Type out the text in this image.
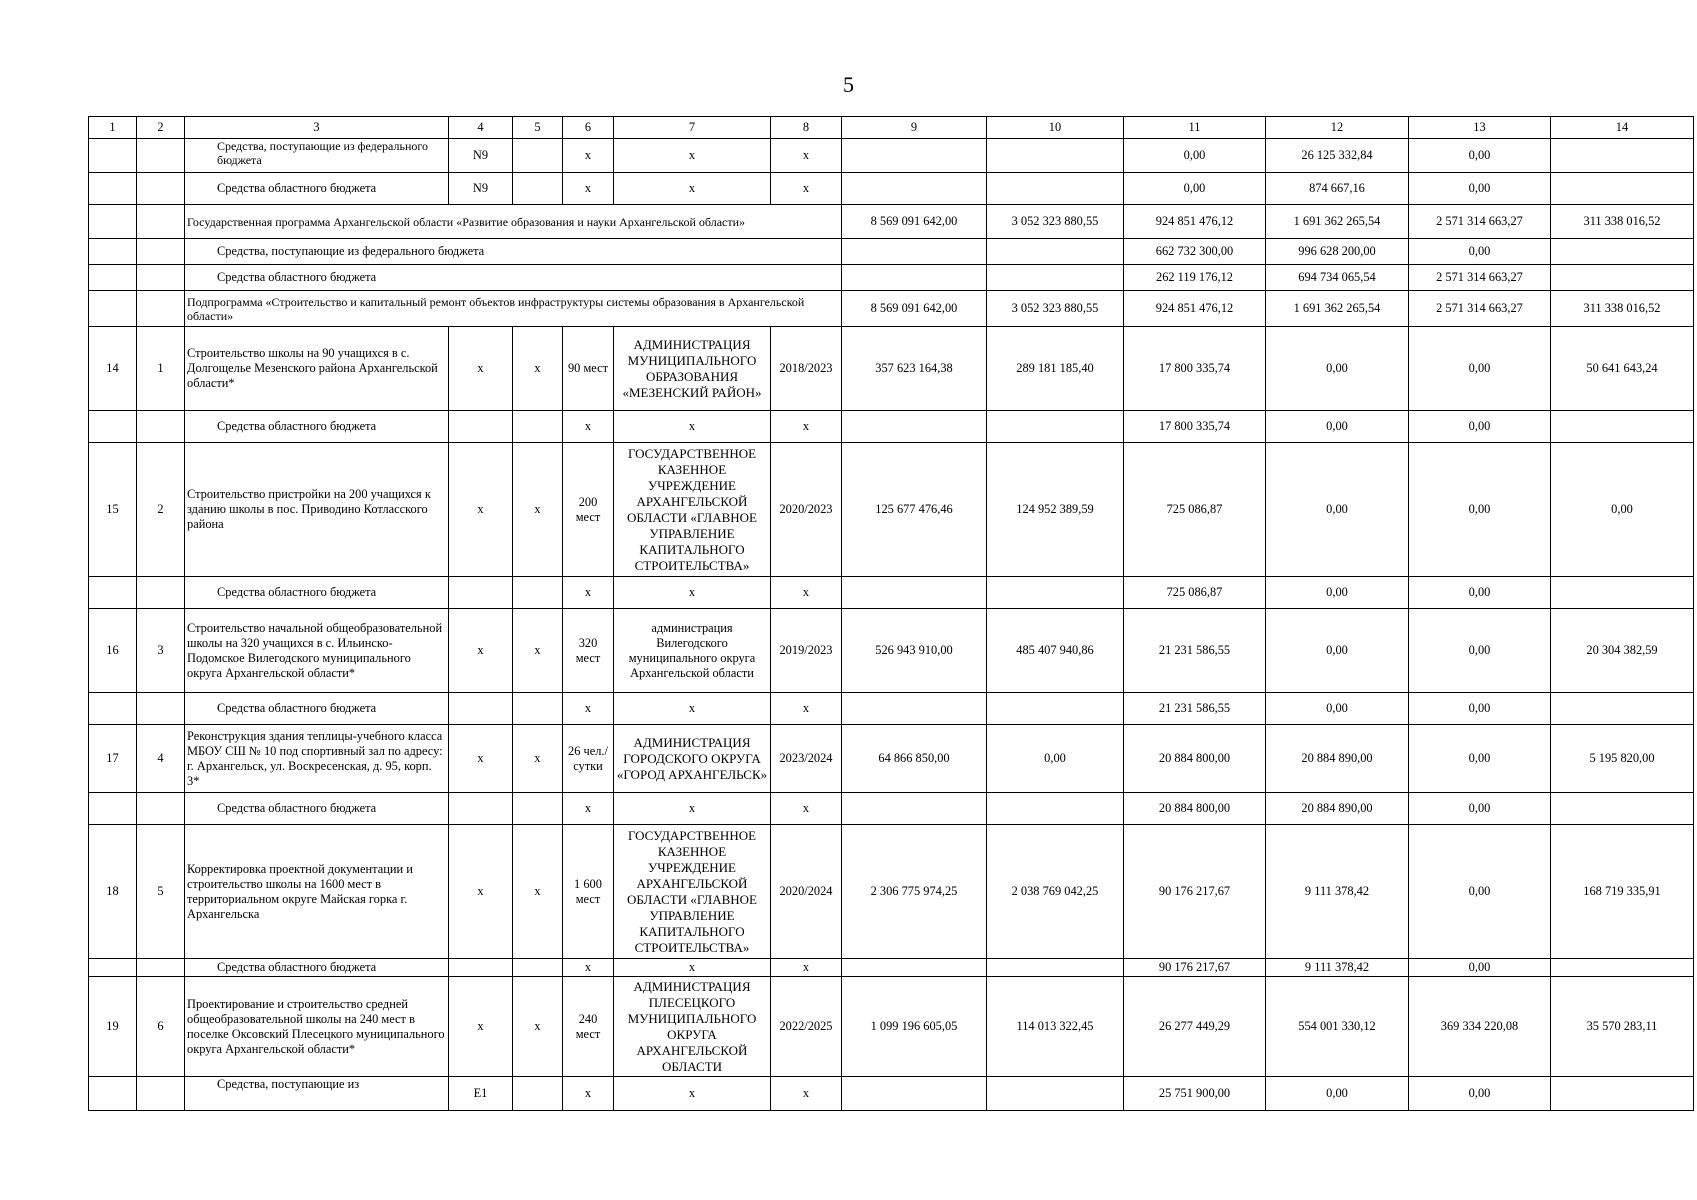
5
1	2	3	4	5	6	7	8	9	10	11	12	13	14
		Средства, поступающие из федерального бюджета	N9		x	x	x			0,00	26 125 332,84	0,00	
		Средства областного бюджета	N9		x	x	x			0,00	874 667,16	0,00	
		Государственная программа Архангельской области «Развитие образования и науки Архангельской области»						8 569 091 642,00	3 052 323 880,55	924 851 476,12	1 691 362 265,54	2 571 314 663,27	311 338 016,52
		Средства, поступающие из федерального бюджета								662 732 300,00	996 628 200,00	0,00	
		Средства областного бюджета								262 119 176,12	694 734 065,54	2 571 314 663,27	
		Подпрограмма «Строительство и капитальный ремонт объектов инфраструктуры системы образования в Архангельской области»						8 569 091 642,00	3 052 323 880,55	924 851 476,12	1 691 362 265,54	2 571 314 663,27	311 338 016,52
14	1	Строительство школы на 90 учащихся в с. Долгощелье Мезенского района Архангельской области*	x	x	90 мест	АДМИНИСТРАЦИЯ МУНИЦИПАЛЬНОГО ОБРАЗОВАНИЯ «МЕЗЕНСКИЙ РАЙОН»	2018/2023	357 623 164,38	289 181 185,40	17 800 335,74	0,00	0,00	50 641 643,24
		Средства областного бюджета			x	x	x			17 800 335,74	0,00	0,00	
15	2	Строительство пристройки на 200 учащихся к зданию школы в пос. Приводино Котласского района	x	x	200 мест	ГОСУДАРСТВЕННОЕ КАЗЕННОЕ УЧРЕЖДЕНИЕ АРХАНГЕЛЬСКОЙ ОБЛАСТИ «ГЛАВНОЕ УПРАВЛЕНИЕ КАПИТАЛЬНОГО СТРОИТЕЛЬСТВА»	2020/2023	125 677 476,46	124 952 389,59	725 086,87	0,00	0,00	0,00
		Средства областного бюджета			x	x	x			725 086,87	0,00	0,00	
16	3	Строительство начальной общеобразовательной школы на 320 учащихся в с. Ильинско-Подомское Вилегодского муниципального округа Архангельской области*	x	x	320 мест	администрация Вилегодского муниципального округа Архангельской области	2019/2023	526 943 910,00	485 407 940,86	21 231 586,55	0,00	0,00	20 304 382,59
		Средства областного бюджета			x	x	x			21 231 586,55	0,00	0,00	
17	4	Реконструкция здания теплицы-учебного класса МБОУ СШ № 10 под спортивный зал по адресу: г. Архангельск, ул. Воскресенская, д. 95, корп. 3*	x	x	26 чел./сутки	АДМИНИСТРАЦИЯ ГОРОДСКОГО ОКРУГА «ГОРОД АРХАНГЕЛЬСК»	2023/2024	64 866 850,00	0,00	20 884 800,00	20 884 890,00	0,00	5 195 820,00
		Средства областного бюджета			x	x	x			20 884 800,00	20 884 890,00	0,00	
18	5	Корректировка проектной документации и строительство школы на 1600 мест в территориальном округе Майская горка г. Архангельска	x	x	1 600 мест	ГОСУДАРСТВЕННОЕ КАЗЕННОЕ УЧРЕЖДЕНИЕ АРХАНГЕЛЬСКОЙ ОБЛАСТИ «ГЛАВНОЕ УПРАВЛЕНИЕ КАПИТАЛЬНОГО СТРОИТЕЛЬСТВА»	2020/2024	2 306 775 974,25	2 038 769 042,25	90 176 217,67	9 111 378,42	0,00	168 719 335,91
		Средства областного бюджета			x	x	x			90 176 217,67	9 111 378,42	0,00	
19	6	Проектирование и строительство средней общеобразовательной школы на 240 мест в поселке Оксовский Плесецкого муниципального округа Архангельской области*	x	x	240 мест	АДМИНИСТРАЦИЯ ПЛЕСЕЦКОГО МУНИЦИПАЛЬНОГО ОКРУГА АРХАНГЕЛЬСКОЙ ОБЛАСТИ	2022/2025	1 099 196 605,05	114 013 322,45	26 277 449,29	554 001 330,12	369 334 220,08	35 570 283,11
		Средства, поступающие из	E1		x	x	x			25 751 900,00	0,00	0,00	
